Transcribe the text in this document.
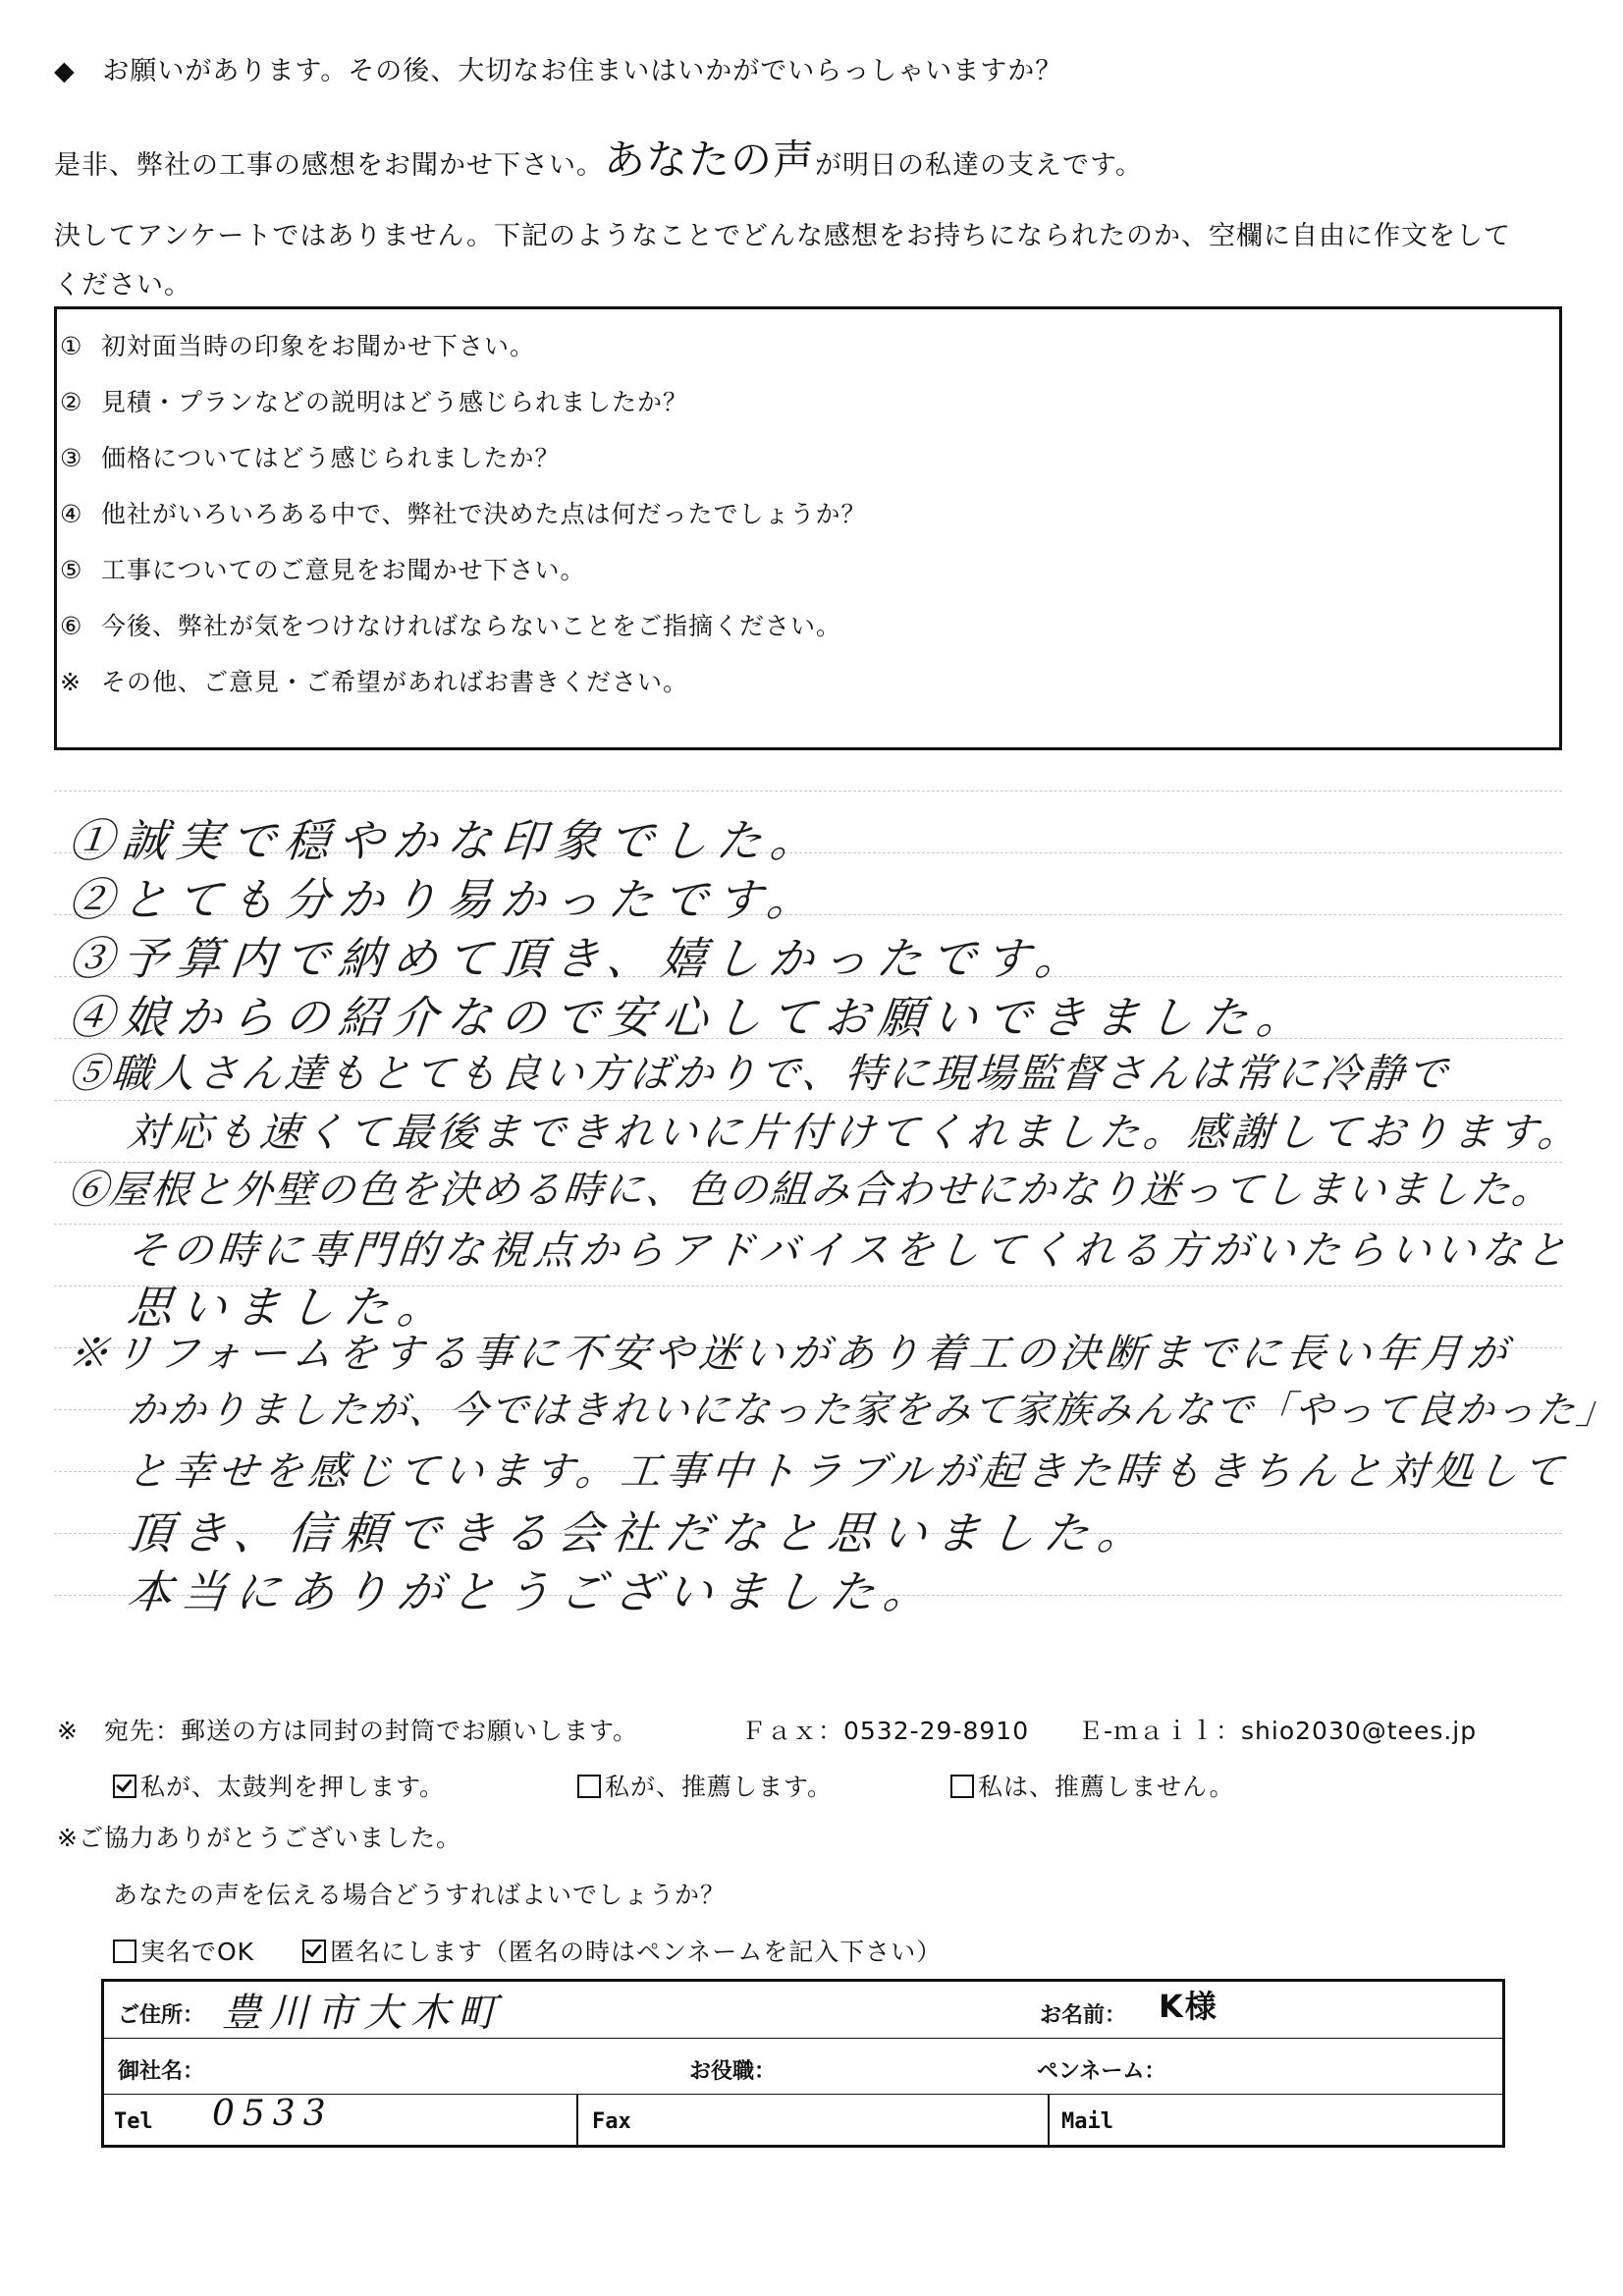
◆ お願いがあります。その後、大切なお住まいはいかがでいらっしゃいますか？
是非、弊社の工事の感想をお聞かせ下さい。あなたの声が明日の私達の支えです。
決してアンケートではありません。下記のようなことでどんな感想をお持ちになられたのか、空欄に自由に作文をして
ください。
① 初対面当時の印象をお聞かせ下さい。
② 見積・プランなどの説明はどう感じられましたか？
③ 価格についてはどう感じられましたか？
④ 他社がいろいろある中で、弊社で決めた点は何だったでしょうか？
⑤ 工事についてのご意見をお聞かせ下さい。
⑥ 今後、弊社が気をつけなければならないことをご指摘ください。
※ その他、ご意見・ご希望があればお書きください。
①誠実で穏やかな印象でした。
②とても分かり易かったです。
③予算内で納めて頂き、嬉しかったです。
④娘からの紹介なので安心してお願いできました。
⑤職人さん達もとても良い方ばかりで、特に現場監督さんは常に冷静で
対応も速くて最後まできれいに片付けてくれました。感謝しております。
⑥屋根と外壁の色を決める時に、色の組み合わせにかなり迷ってしまいました。
その時に専門的な視点からアドバイスをしてくれる方がいたらいいなと
思いました。
※リフォームをする事に不安や迷いがあり着工の決断までに長い年月が
かかりましたが、今ではきれいになった家をみて家族みんなで「やって良かった」
と幸せを感じています。工事中トラブルが起きた時もきちんと対処して
頂き、信頼できる会社だなと思いました。
本当にありがとうございました。
※　宛先：郵送の方は同封の封筒でお願いします。	Ｆａｘ：0532-29-8910 Ｅ-ｍａｉｌ：shio2030@tees.jp
私が、太鼓判を押します。	私が、推薦します。	私は、推薦しません。
※ご協力ありがとうございました。
あなたの声を伝える場合どうすればよいでしょうか？
実名でOK	匿名にします（匿名の時はペンネームを記入下さい）
ご住所： 豊川市大木町	お名前： K様
御社名：	お役職：	ペンネーム：
Tel 0533	Fax	Mail
